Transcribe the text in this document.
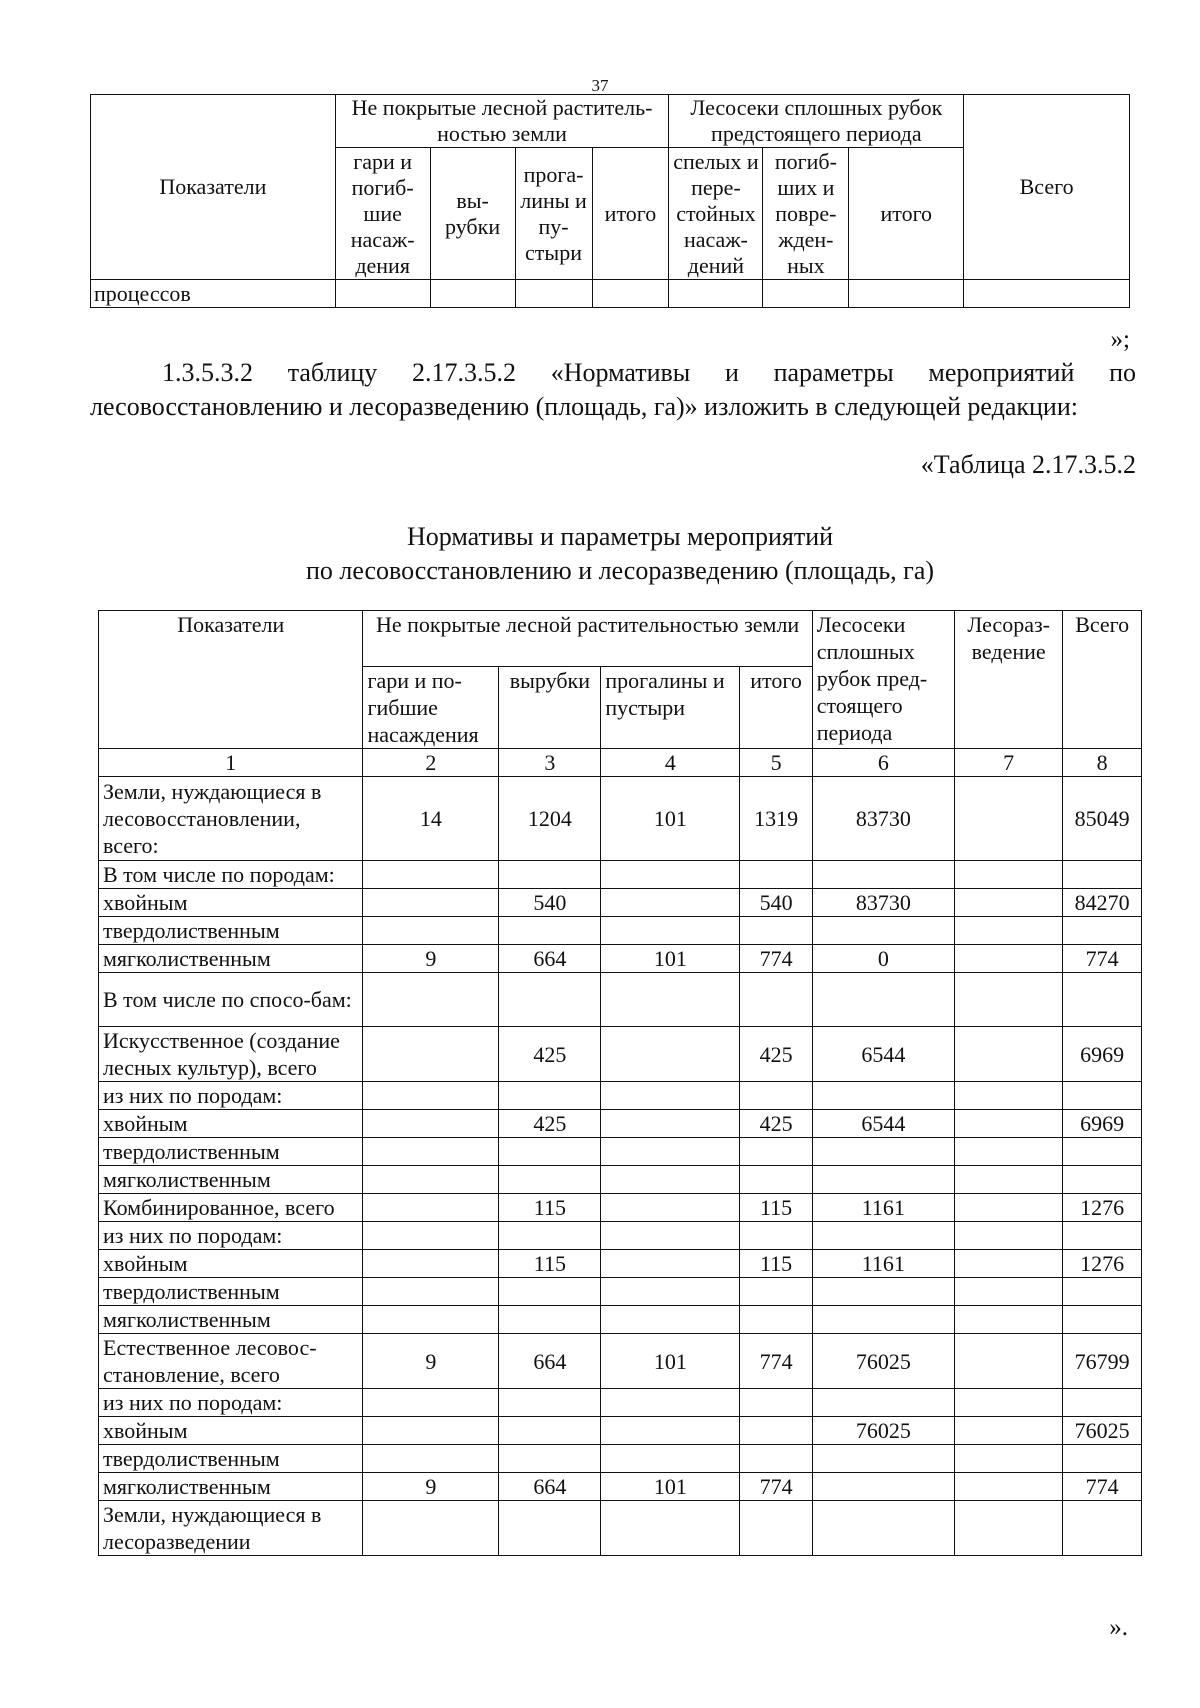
37
Показатели	Не покрытые лесной раститель-ностью земли				Лесосеки сплошных рубок предстоящего периода			Всего
	гари и погиб-шие насаж-дения	вы-рубки	прога-лины и пу-стыри	итого	спелых и пере-стойных насаж-дений	погиб-ших и повре-жден-ных	итого	
процессов								
»;

1.3.5.3.2 таблицу 2.17.3.5.2 «Нормативы и параметры мероприятий по лесовосстановлению и лесоразведению (площадь, га)» изложить в следующей редакции:

«Таблица 2.17.3.5.2
Нормативы и параметры мероприятий
по лесовосстановлению и лесоразведению (площадь, га)
Показатели	Не покрытые лесной растительностью земли				Лесосеки сплошных рубок пред-стоящего периода	Лесораз-ведение	Всего
	гари и по-гибшие насаждения	вырубки	прогалины и пустыри	итого			
1	2	3	4	5	6	7	8
Земли, нуждающиеся в лесовосстановлении, всего:	14	1204	101	1319	83730		85049
В том числе по породам:							
хвойным		540		540	83730		84270
твердолиственным							
мягколиственным	9	664	101	774	0		774
В том числе по спосо-бам:							
Искусственное (создание лесных культур), всего		425		425	6544		6969
из них по породам:							
хвойным		425		425	6544		6969
твердолиственным							
мягколиственным							
Комбинированное, всего		115		115	1161		1276
из них по породам:							
хвойным		115		115	1161		1276
твердолиственным							
мягколиственным							
Естественное лесовос-становление, всего	9	664	101	774	76025		76799
из них по породам:							
хвойным					76025		76025
твердолиственным							
мягколиственным	9	664	101	774			774
Земли, нуждающиеся в лесоразведении							
».
